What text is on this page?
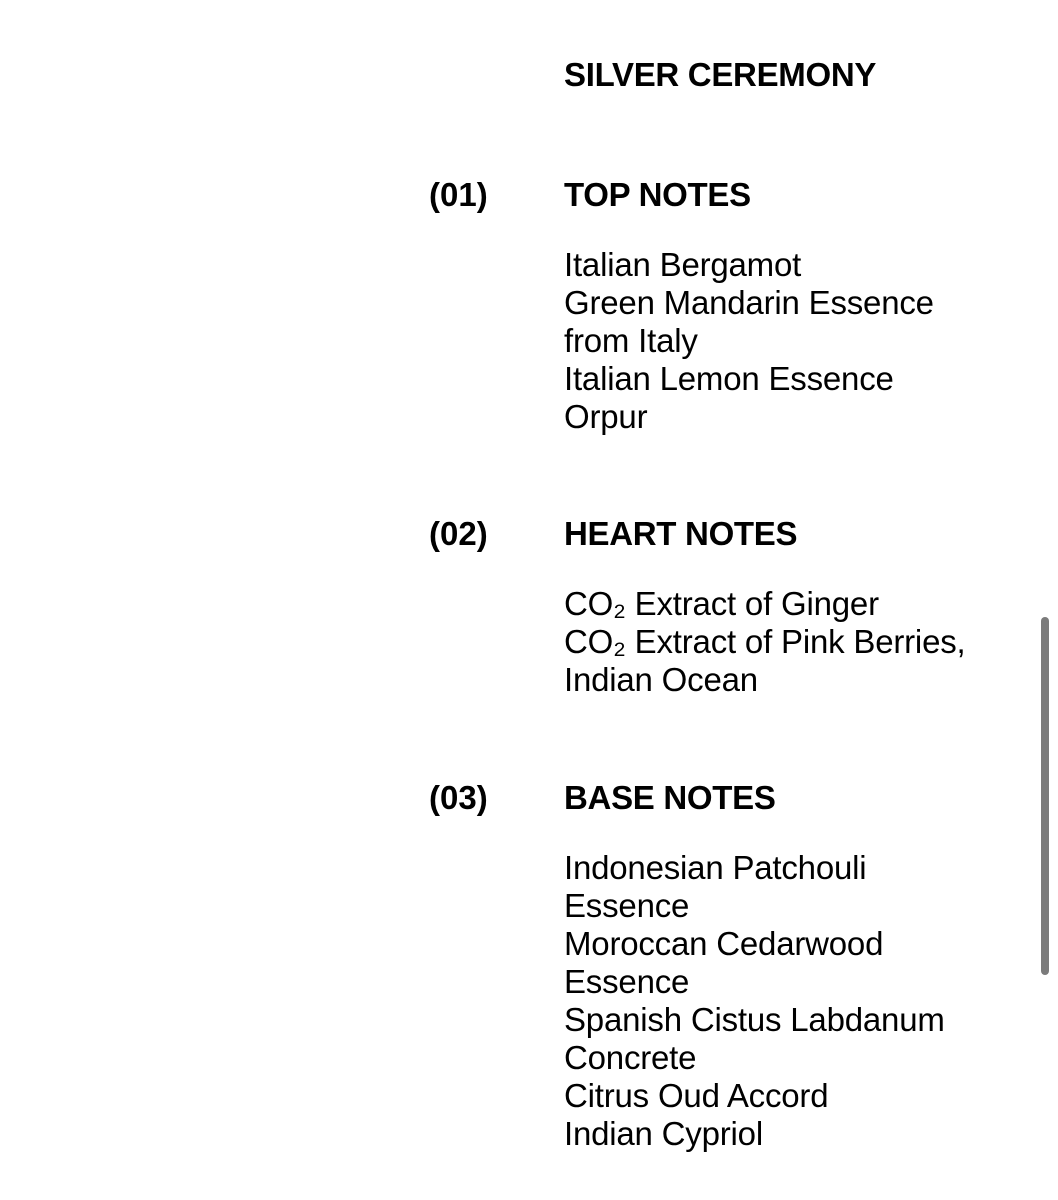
SILVER CEREMONY
(01) TOP NOTES
Italian Bergamot
Green Mandarin Essence
from Italy
Italian Lemon Essence
Orpur
(02) HEART NOTES
CO₂ Extract of Ginger
CO₂ Extract of Pink Berries,
Indian Ocean
(03) BASE NOTES
Indonesian Patchouli
Essence
Moroccan Cedarwood
Essence
Spanish Cistus Labdanum
Concrete
Citrus Oud Accord
Indian Cypriol
